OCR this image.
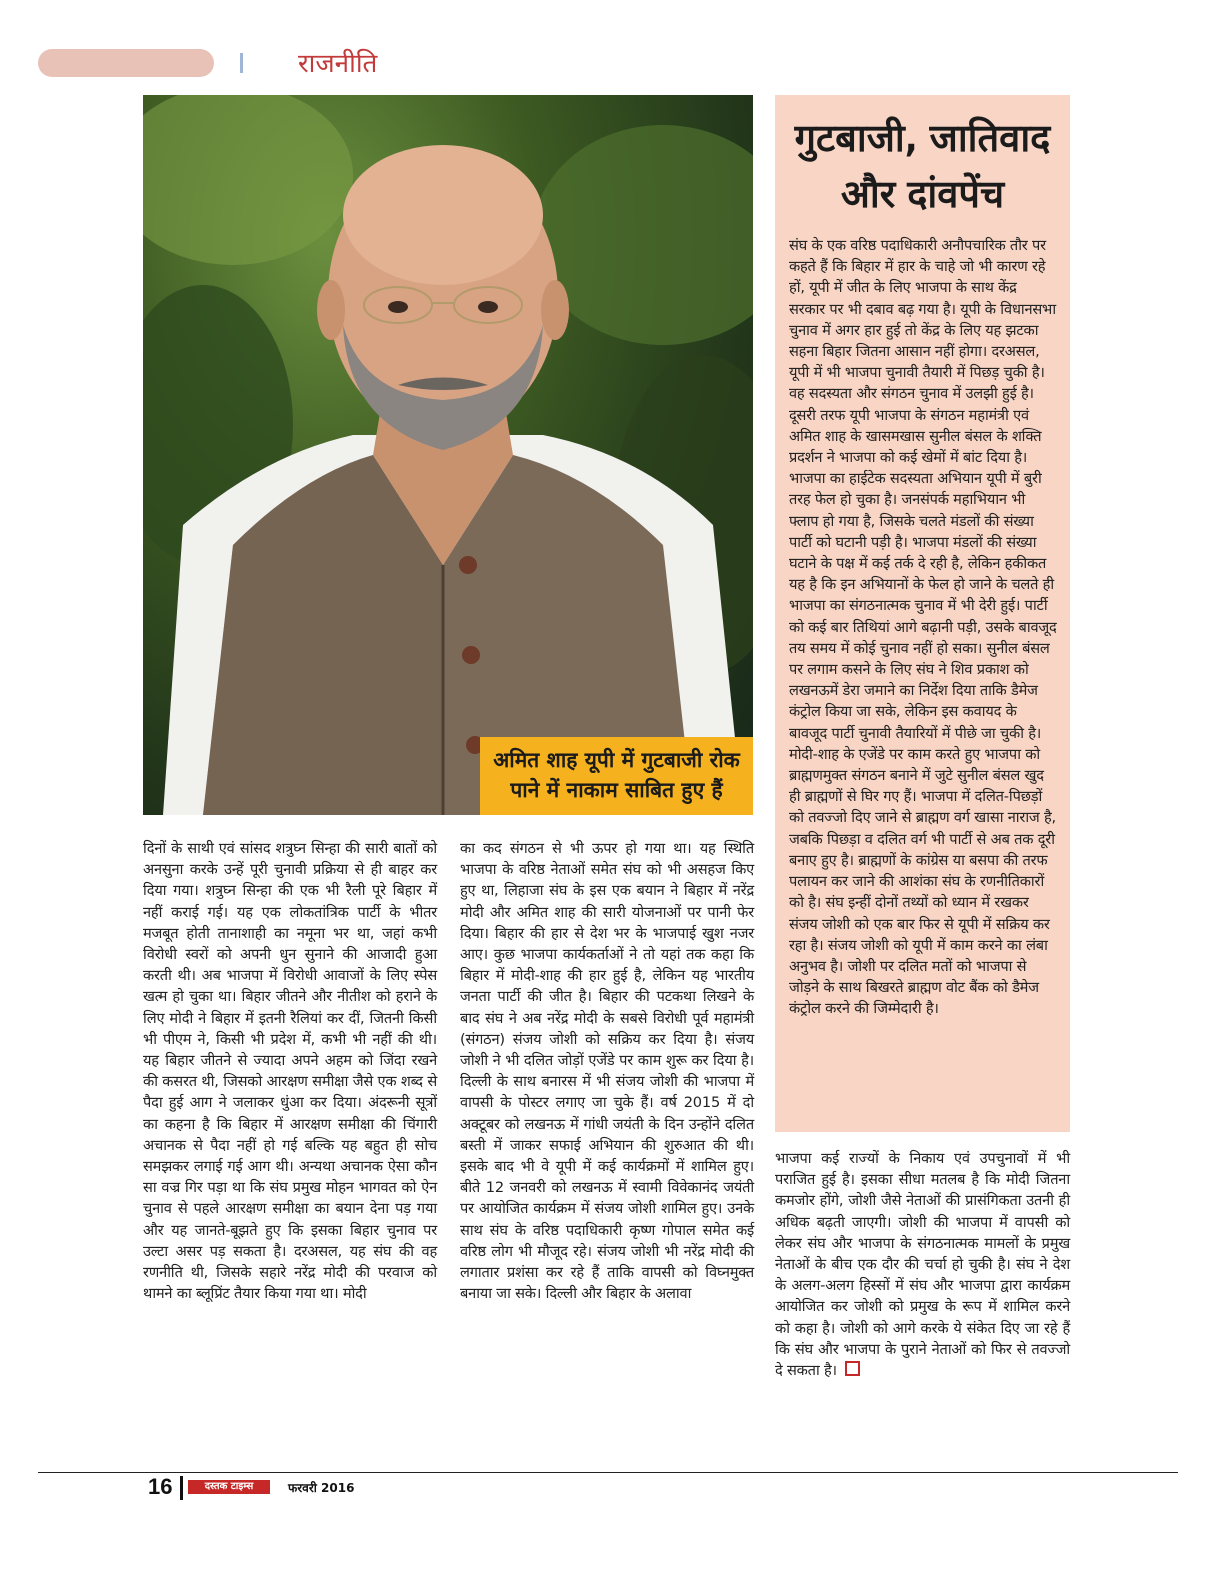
राजनीति
अमित शाह यूपी में गुटबाजी रोक पाने में नाकाम साबित हुए हैं
गुटबाजी, जातिवाद
और दांवपेंच
संघ के एक वरिष्ठ पदाधिकारी अनौपचारिक तौर पर कहते हैं कि बिहार में हार के चाहे जो भी कारण रहे हों, यूपी में जीत के लिए भाजपा के साथ केंद्र सरकार पर भी दबाव बढ़ गया है। यूपी के विधानसभा चुनाव में अगर हार हुई तो केंद्र के लिए यह झटका सहना बिहार जितना आसान नहीं होगा। दरअसल, यूपी में भी भाजपा चुनावी तैयारी में पिछड़ चुकी है। वह सदस्यता और संगठन चुनाव में उलझी हुई है। दूसरी तरफ यूपी भाजपा के संगठन महामंत्री एवं अमित शाह के खासमखास सुनील बंसल के शक्ति प्रदर्शन ने भाजपा को कई खेमों में बांट दिया है। भाजपा का हाईटेक सदस्यता अभियान यूपी में बुरी तरह फेल हो चुका है। जनसंपर्क महाभियान भी फ्लाप हो गया है, जिसके चलते मंडलों की संख्या पार्टी को घटानी पड़ी है। भाजपा मंडलों की संख्या घटाने के पक्ष में कई तर्क दे रही है, लेकिन हकीकत यह है कि इन अभियानों के फेल हो जाने के चलते ही भाजपा का संगठनात्मक चुनाव में भी देरी हुई। पार्टी को कई बार तिथियां आगे बढ़ानी पड़ी, उसके बावजूद तय समय में कोई चुनाव नहीं हो सका। सुनील बंसल पर लगाम कसने के लिए संघ ने शिव प्रकाश को लखनऊमें डेरा जमाने का निर्देश दिया ताकि डैमेज कंट्रोल किया जा सके, लेकिन इस कवायद के बावजूद पार्टी चुनावी तैयारियों में पीछे जा चुकी है।
मोदी-शाह के एजेंडे पर काम करते हुए भाजपा को ब्राह्मणमुक्त संगठन बनाने में जुटे सुनील बंसल खुद ही ब्राह्मणों से घिर गए हैं। भाजपा में दलित-पिछड़ों को तवज्जो दिए जाने से ब्राह्मण वर्ग खासा नाराज है, जबकि पिछड़ा व दलित वर्ग भी पार्टी से अब तक दूरी बनाए हुए है। ब्राह्मणों के कांग्रेस या बसपा की तरफ पलायन कर जाने की आशंका संघ के रणनीतिकारों को है। संघ इन्हीं दोनों तथ्यों को ध्यान में रखकर संजय जोशी को एक बार फिर से यूपी में सक्रिय कर रहा है। संजय जोशी को यूपी में काम करने का लंबा अनुभव है। जोशी पर दलित मतों को भाजपा से जोड़ने के साथ बिखरते ब्राह्मण वोट बैंक को डैमेज कंट्रोल करने की जिम्मेदारी है।
दिनों के साथी एवं सांसद शत्रुघ्न सिन्हा की सारी बातों को अनसुना करके उन्हें पूरी चुनावी प्रक्रिया से ही बाहर कर दिया गया। शत्रुघ्न सिन्हा की एक भी रैली पूरे बिहार में नहीं कराई गई। यह एक लोकतांत्रिक पार्टी के भीतर मजबूत होती तानाशाही का नमूना भर था, जहां कभी विरोधी स्वरों को अपनी धुन सुनाने की आजादी हुआ करती थी। अब भाजपा में विरोधी आवाजों के लिए स्पेस खत्म हो चुका था। बिहार जीतने और नीतीश को हराने के लिए मोदी ने बिहार में इतनी रैलियां कर दीं, जितनी किसी भी पीएम ने, किसी भी प्रदेश में, कभी भी नहीं की थी। यह बिहार जीतने से ज्यादा अपने अहम को जिंदा रखने की कसरत थी, जिसको आरक्षण समीक्षा जैसे एक शब्द से पैदा हुई आग ने जलाकर धुंआ कर दिया। अंदरूनी सूत्रों का कहना है कि बिहार में आरक्षण समीक्षा की चिंगारी अचानक से पैदा नहीं हो गई बल्कि यह बहुत ही सोच समझकर लगाई गई आग थी। अन्यथा अचानक ऐसा कौन सा वज्र गिर पड़ा था कि संघ प्रमुख मोहन भागवत को ऐन चुनाव से पहले आरक्षण समीक्षा का बयान देना पड़ गया और यह जानते-बूझते हुए कि इसका बिहार चुनाव पर उल्टा असर पड़ सकता है। दरअसल, यह संघ की वह रणनीति थी, जिसके सहारे नरेंद्र मोदी की परवाज को थामने का ब्लूप्रिंट तैयार किया गया था। मोदी
का कद संगठन से भी ऊपर हो गया था। यह स्थिति भाजपा के वरिष्ठ नेताओं समेत संघ को भी असहज किए हुए था, लिहाजा संघ के इस एक बयान ने बिहार में नरेंद्र मोदी और अमित शाह की सारी योजनाओं पर पानी फेर दिया। बिहार की हार से देश भर के भाजपाई खुश नजर आए। कुछ भाजपा कार्यकर्ताओं ने तो यहां तक कहा कि बिहार में मोदी-शाह की हार हुई है, लेकिन यह भारतीय जनता पार्टी की जीत है। बिहार की पटकथा लिखने के बाद संघ ने अब नरेंद्र मोदी के सबसे विरोधी पूर्व महामंत्री (संगठन) संजय जोशी को सक्रिय कर दिया है। संजय जोशी ने भी दलित जोड़ों एजेंडे पर काम शुरू कर दिया है। दिल्ली के साथ बनारस में भी संजय जोशी की भाजपा में वापसी के पोस्टर लगाए जा चुके हैं। वर्ष 2015 में दो अक्टूबर को लखनऊ में गांधी जयंती के दिन उन्होंने दलित बस्ती में जाकर सफाई अभियान की शुरुआत की थी। इसके बाद भी वे यूपी में कई कार्यक्रमों में शामिल हुए। बीते 12 जनवरी को लखनऊ में स्वामी विवेकानंद जयंती पर आयोजित कार्यक्रम में संजय जोशी शामिल हुए। उनके साथ संघ के वरिष्ठ पदाधिकारी कृष्ण गोपाल समेत कई वरिष्ठ लोग भी मौजूद रहे। संजय जोशी भी नरेंद्र मोदी की लगातार प्रशंसा कर रहे हैं ताकि वापसी को विघ्नमुक्त बनाया जा सके। दिल्ली और बिहार के अलावा
भाजपा कई राज्यों के निकाय एवं उपचुनावों में भी पराजित हुई है। इसका सीधा मतलब है कि मोदी जितना कमजोर होंगे, जोशी जैसे नेताओं की प्रासंगिकता उतनी ही अधिक बढ़ती जाएगी। जोशी की भाजपा में वापसी को लेकर संघ और भाजपा के संगठनात्मक मामलों के प्रमुख नेताओं के बीच एक दौर की चर्चा हो चुकी है। संघ ने देश के अलग-अलग हिस्सों में संघ और भाजपा द्वारा कार्यक्रम आयोजित कर जोशी को प्रमुख के रूप में शामिल करने को कहा है। जोशी को आगे करके ये संकेत दिए जा रहे हैं कि संघ और भाजपा के पुराने नेताओं को फिर से तवज्जो दे सकता है।
16	दस्तक टाइम्स	फरवरी 2016
